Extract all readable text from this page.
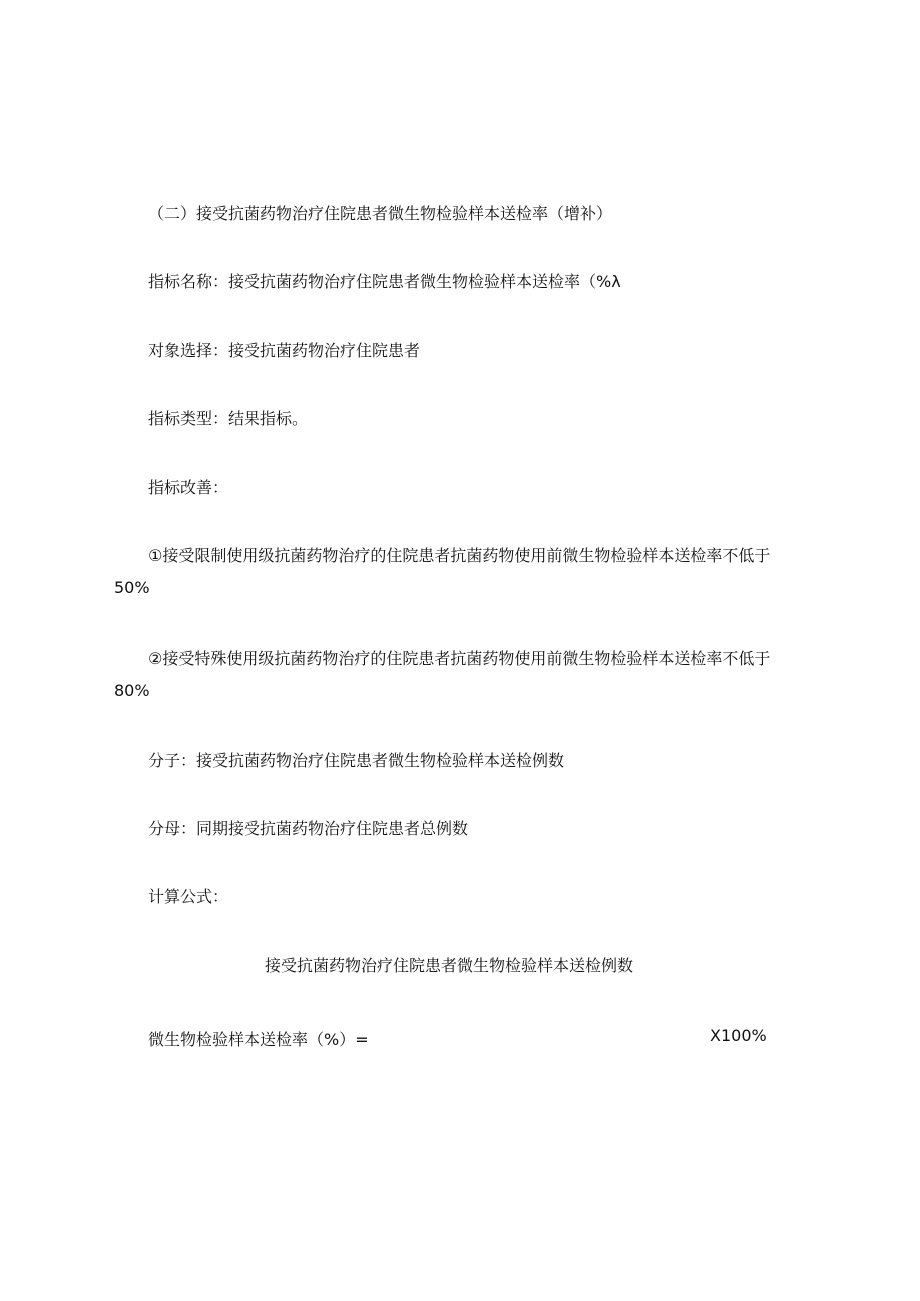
（二）接受抗菌药物治疗住院患者微生物检验样本送检率（增补）

指标名称：接受抗菌药物治疗住院患者微生物检验样本送检率（%λ

对象选择：接受抗菌药物治疗住院患者

指标类型：结果指标。

指标改善：

①接受限制使用级抗菌药物治疗的住院患者抗菌药物使用前微生物检验样本送检率不低于 50%

②接受特殊使用级抗菌药物治疗的住院患者抗菌药物使用前微生物检验样本送检率不低于 80%

分子：接受抗菌药物治疗住院患者微生物检验样本送检例数

分母：同期接受抗菌药物治疗住院患者总例数

计算公式：

接受抗菌药物治疗住院患者微生物检验样本送检例数

微生物检验样本送检率（%）=	X100%
